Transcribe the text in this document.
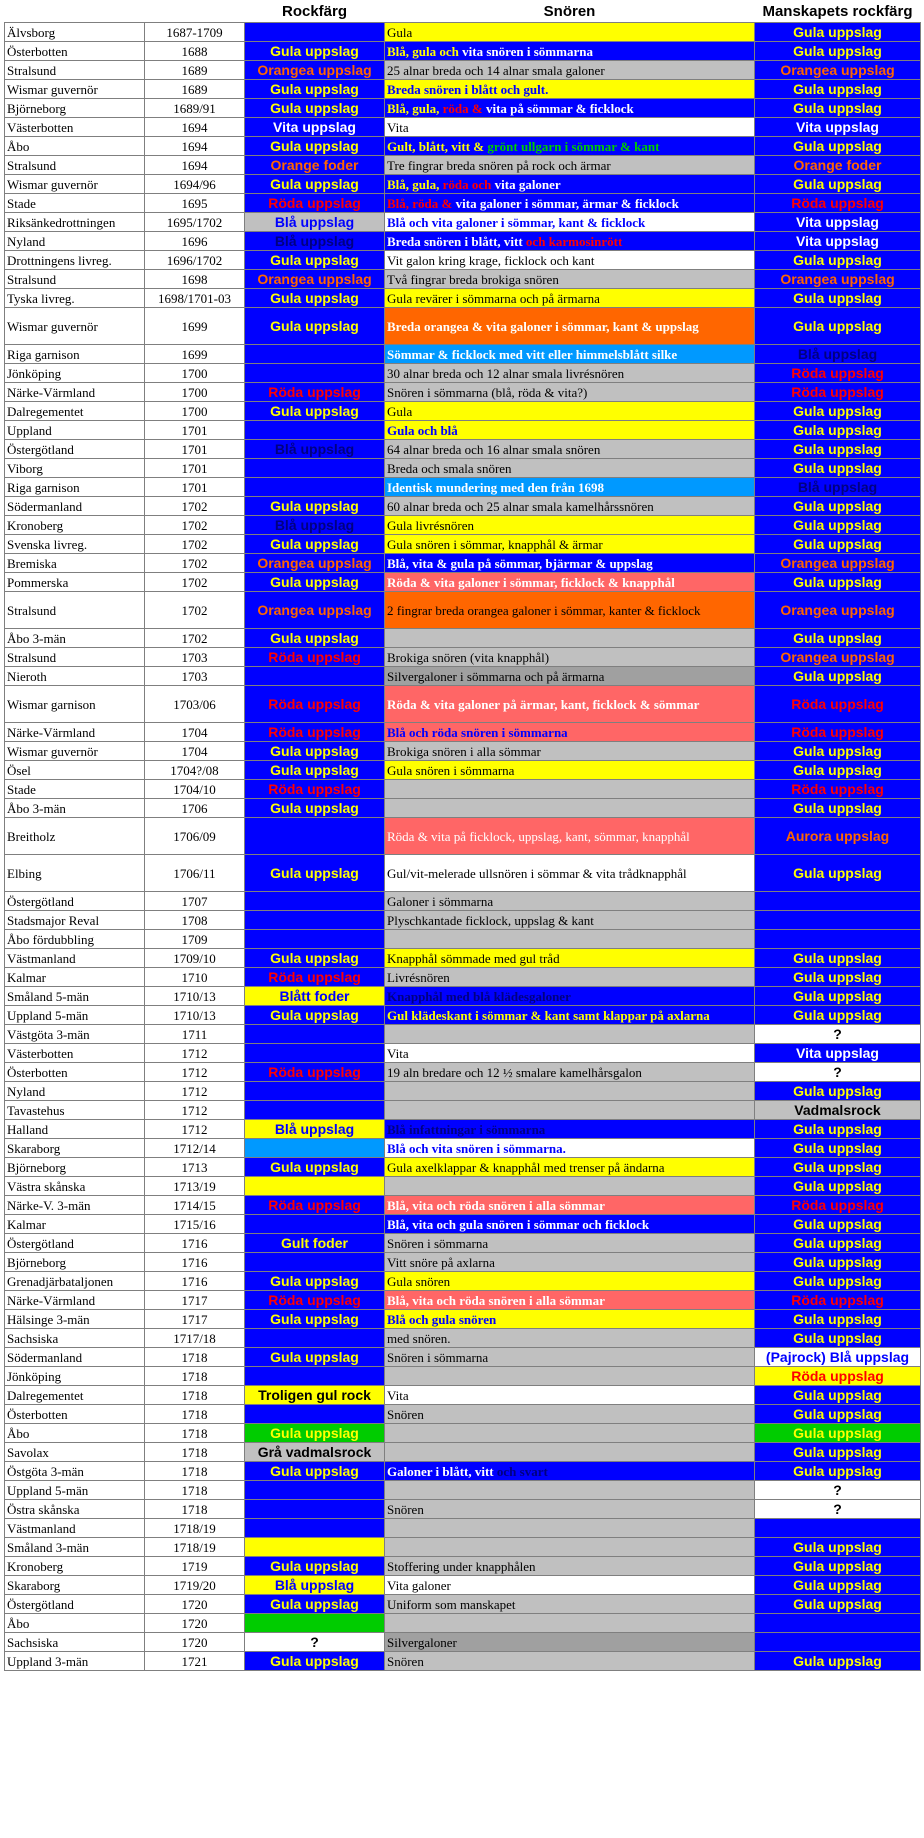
		Rockfärg	Snören	Manskapets rockfärg
Älvsborg	1687-1709		Gula	Gula uppslag
Österbotten	1688	Gula uppslag	Blå, gula och vita snören i sömmarna	Gula uppslag
Stralsund	1689	Orangea uppslag	25 alnar breda och 14 alnar smala galoner	Orangea uppslag
Wismar guvernör	1689	Gula uppslag	Breda snören i blått och gult.	Gula uppslag
Björneborg	1689/91	Gula uppslag	Blå, gula, röda & vita på sömmar & ficklock	Gula uppslag
Västerbotten	1694	Vita uppslag	Vita	Vita uppslag
Åbo	1694	Gula uppslag	Gult, blått, vitt & grönt ullgarn i sömmar & kant	Gula uppslag
Stralsund	1694	Orange foder	Tre fingrar breda snören på rock och ärmar	Orange foder
Wismar guvernör	1694/96	Gula uppslag	Blå, gula, röda och vita galoner	Gula uppslag
Stade	1695	Röda uppslag	Blå, röda & vita galoner i sömmar, ärmar & ficklock	Röda uppslag
Riksänkedrottningen	1695/1702	Blå uppslag	Blå och vita galoner i sömmar, kant & ficklock	Vita uppslag
Nyland	1696	Blå uppslag	Breda snören i blått, vitt och karmosinrött	Vita uppslag
Drottningens livreg.	1696/1702	Gula uppslag	Vit galon kring krage, ficklock och kant	Gula uppslag
Stralsund	1698	Orangea uppslag	Två fingrar breda brokiga snören	Orangea uppslag
Tyska livreg.	1698/1701-03	Gula uppslag	Gula revärer i sömmarna och på ärmarna	Gula uppslag
Wismar guvernör	1699	Gula uppslag	Breda orangea & vita galoner i sömmar, kant & uppslag	Gula uppslag
Riga garnison	1699		Sömmar & ficklock med vitt eller himmelsblått silke	Blå uppslag
Jönköping	1700		30 alnar breda och 12 alnar smala livrésnören	Röda uppslag
Närke-Värmland	1700	Röda uppslag	Snören i sömmarna (blå, röda & vita?)	Röda uppslag
Dalregementet	1700	Gula uppslag	Gula	Gula uppslag
Uppland	1701		Gula och blå	Gula uppslag
Östergötland	1701	Blå uppslag	64 alnar breda och 16 alnar smala snören	Gula uppslag
Viborg	1701		Breda och smala snören	Gula uppslag
Riga garnison	1701		Identisk mundering med den från 1698	Blå uppslag
Södermanland	1702	Gula uppslag	60 alnar breda och 25 alnar smala kamelhårssnören	Gula uppslag
Kronoberg	1702	Blå uppslag	Gula livrésnören	Gula uppslag
Svenska livreg.	1702	Gula uppslag	Gula snören i sömmar, knapphål & ärmar	Gula uppslag
Bremiska	1702	Orangea uppslag	Blå, vita & gula på sömmar, bjärmar & uppslag	Orangea uppslag
Pommerska	1702	Gula uppslag	Röda & vita galoner i sömmar, ficklock & knapphål	Gula uppslag
Stralsund	1702	Orangea uppslag	2 fingrar breda orangea galoner i sömmar, kanter & ficklock	Orangea uppslag
Åbo 3-män	1702	Gula uppslag		Gula uppslag
Stralsund	1703	Röda uppslag	Brokiga snören (vita knapphål)	Orangea uppslag
Nieroth	1703		Silvergaloner i sömmarna och på ärmarna	Gula uppslag
Wismar garnison	1703/06	Röda uppslag	Röda & vita galoner på ärmar, kant, ficklock & sömmar	Röda uppslag
Närke-Värmland	1704	Röda uppslag	Blå och röda snören i sömmarna	Röda uppslag
Wismar guvernör	1704	Gula uppslag	Brokiga snören i alla sömmar	Gula uppslag
Ösel	1704?/08	Gula uppslag	Gula snören i sömmarna	Gula uppslag
Stade	1704/10	Röda uppslag		Röda uppslag
Åbo 3-män	1706	Gula uppslag		Gula uppslag
Breitholz	1706/09		Röda & vita på ficklock, uppslag, kant, sömmar, knapphål	Aurora uppslag
Elbing	1706/11	Gula uppslag	Gul/vit-melerade ullsnören i sömmar & vita trådknapphål	Gula uppslag
Östergötland	1707		Galoner i sömmarna	
Stadsmajor Reval	1708		Plyschkantade ficklock, uppslag & kant	
Åbo fördubbling	1709			
Västmanland	1709/10	Gula uppslag	Knapphål sömmade med gul tråd	Gula uppslag
Kalmar	1710	Röda uppslag	Livrésnören	Gula uppslag
Småland 5-män	1710/13	Blått foder	Knapphål med blå klädesgaloner	Gula uppslag
Uppland 5-män	1710/13	Gula uppslag	Gul klädeskant i sömmar & kant samt klappar på axlarna	Gula uppslag
Västgöta 3-män	1711			?
Västerbotten	1712		Vita	Vita uppslag
Österbotten	1712	Röda uppslag	19 aln bredare och 12 ½ smalare kamelhårsgalon	?
Nyland	1712			Gula uppslag
Tavastehus	1712			Vadmalsrock
Halland	1712	Blå uppslag	Blå infattningar i sömmarna	Gula uppslag
Skaraborg	1712/14		Blå och vita snören i sömmarna.	Gula uppslag
Björneborg	1713	Gula uppslag	Gula axelklappar & knapphål med trenser på ändarna	Gula uppslag
Västra skånska	1713/19			Gula uppslag
Närke-V. 3-män	1714/15	Röda uppslag	Blå, vita och röda snören i alla sömmar	Röda uppslag
Kalmar	1715/16		Blå, vita och gula snören i sömmar och ficklock	Gula uppslag
Östergötland	1716	Gult foder	Snören i sömmarna	Gula uppslag
Björneborg	1716		Vitt snöre på axlarna	Gula uppslag
Grenadjärbataljonen	1716	Gula uppslag	Gula snören	Gula uppslag
Närke-Värmland	1717	Röda uppslag	Blå, vita och röda snören i alla sömmar	Röda uppslag
Hälsinge 3-män	1717	Gula uppslag	Blå och gula snören	Gula uppslag
Sachsiska	1717/18		med snören.	Gula uppslag
Södermanland	1718	Gula uppslag	Snören i sömmarna	(Pajrock) Blå uppslag
Jönköping	1718			Röda uppslag
Dalregementet	1718	Troligen gul rock	Vita	Gula uppslag
Österbotten	1718		Snören	Gula uppslag
Åbo	1718	Gula uppslag		Gula uppslag
Savolax	1718	Grå vadmalsrock		Gula uppslag
Östgöta 3-män	1718	Gula uppslag	Galoner i blått, vitt och svart	Gula uppslag
Uppland 5-män	1718			?
Östra skånska	1718		Snören	?
Västmanland	1718/19			
Småland 3-män	1718/19			Gula uppslag
Kronoberg	1719	Gula uppslag	Stoffering under knapphålen	Gula uppslag
Skaraborg	1719/20	Blå uppslag	Vita galoner	Gula uppslag
Östergötland	1720	Gula uppslag	Uniform som manskapet	Gula uppslag
Åbo	1720			
Sachsiska	1720	?	Silvergaloner	
Uppland 3-män	1721	Gula uppslag	Snören	Gula uppslag
